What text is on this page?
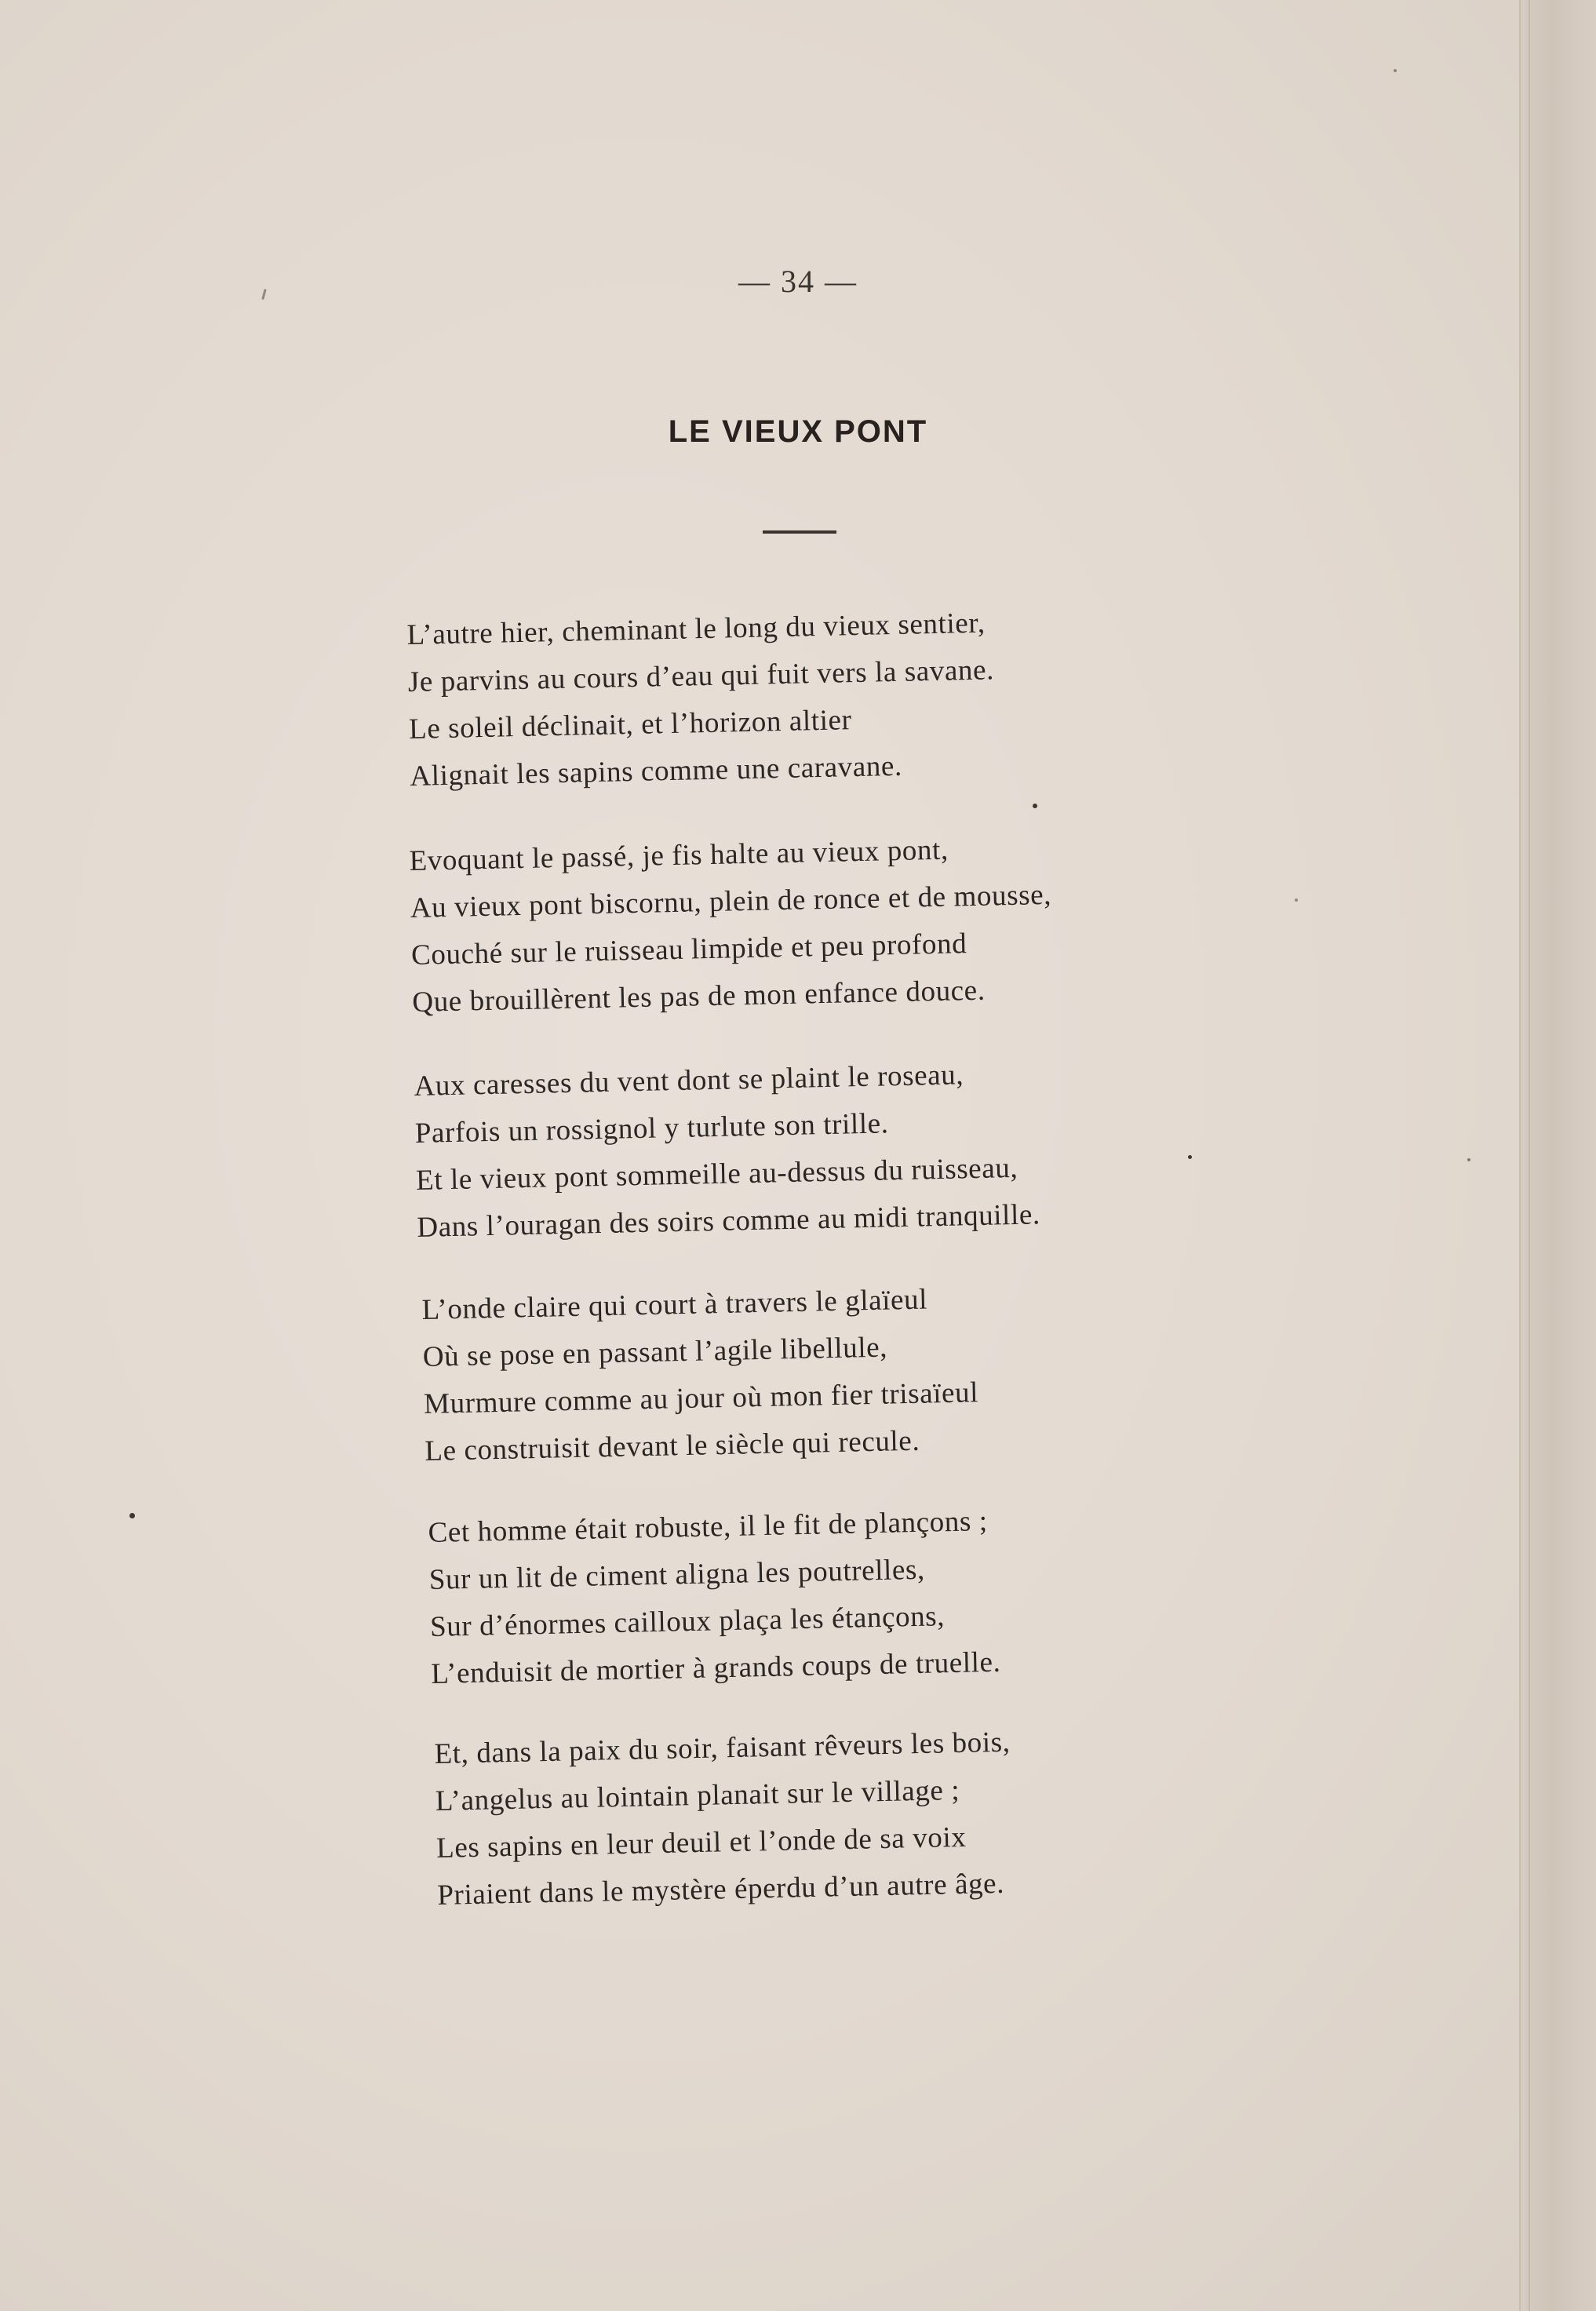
— 34 —
LE VIEUX PONT
L’autre hier, cheminant le long du vieux sentier,
Je parvins au cours d’eau qui fuit vers la savane.
Le soleil déclinait, et l’horizon altier
Alignait les sapins comme une caravane.
Evoquant le passé, je fis halte au vieux pont,
Au vieux pont biscornu, plein de ronce et de mousse,
Couché sur le ruisseau limpide et peu profond
Que brouillèrent les pas de mon enfance douce.
Aux caresses du vent dont se plaint le roseau,
Parfois un rossignol y turlute son trille.
Et le vieux pont sommeille au-dessus du ruisseau,
Dans l’ouragan des soirs comme au midi tranquille.
L’onde claire qui court à travers le glaïeul
Où se pose en passant l’agile libellule,
Murmure comme au jour où mon fier trisaïeul
Le construisit devant le siècle qui recule.
Cet homme était robuste, il le fit de plançons ;
Sur un lit de ciment aligna les poutrelles,
Sur d’énormes cailloux plaça les étançons,
L’enduisit de mortier à grands coups de truelle.
Et, dans la paix du soir, faisant rêveurs les bois,
L’angelus au lointain planait sur le village ;
Les sapins en leur deuil et l’onde de sa voix
Priaient dans le mystère éperdu d’un autre âge.
